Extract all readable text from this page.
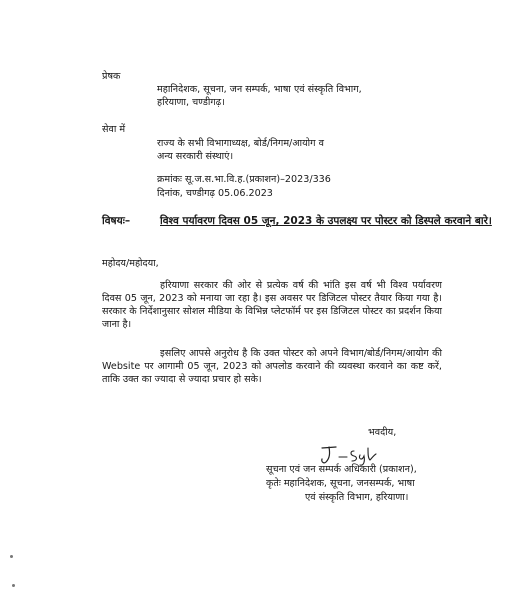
प्रेषक

महानिदेशक, सूचना, जन सम्पर्क, भाषा एवं संस्कृति विभाग,

हरियाणा, चण्डीगढ़।

सेवा में

राज्य के सभी विभागाध्यक्ष, बोर्ड/निगम/आयोग व

अन्य सरकारी संस्थाएं।

क्रमांकः सू.ज.स.भा.वि.ह.(प्रकाशन)–2023/336

दिनांक, चण्डीगढ़ 05.06.2023

विषयः–	विश्व पर्यावरण दिवस 05 जून, 2023 के उपलक्ष्य पर पोस्टर को डिस्पले करवाने बारे।

महोदय/महोदया,

हरियाणा सरकार की ओर से प्रत्येक वर्ष की भांति इस वर्ष भी विश्व पर्यावरण दिवस 05 जून, 2023 को मनाया जा रहा है। इस अवसर पर डिजिटल पोस्टर तैयार किया गया है। सरकार के निर्देशानुसार सोशल मीडिया के विभिन्न प्लेटफॉर्म पर इस डिजिटल पोस्टर का प्रदर्शन किया जाना है।

इसलिए आपसे अनुरोध है कि उक्त पोस्टर को अपने विभाग/बोर्ड/निगम/आयोग की Website पर आगामी 05 जून, 2023 को अपलोड करवाने की व्यवस्था करवाने का कष्ट करें, ताकि उक्त का ज्यादा से ज्यादा प्रचार हो सके।

भवदीय,

सूचना एवं जन सम्पर्क अधिकारी (प्रकाशन),

कृतेः महानिदेशक, सूचना, जनसम्पर्क, भाषा

एवं संस्कृति विभाग, हरियाणा।
